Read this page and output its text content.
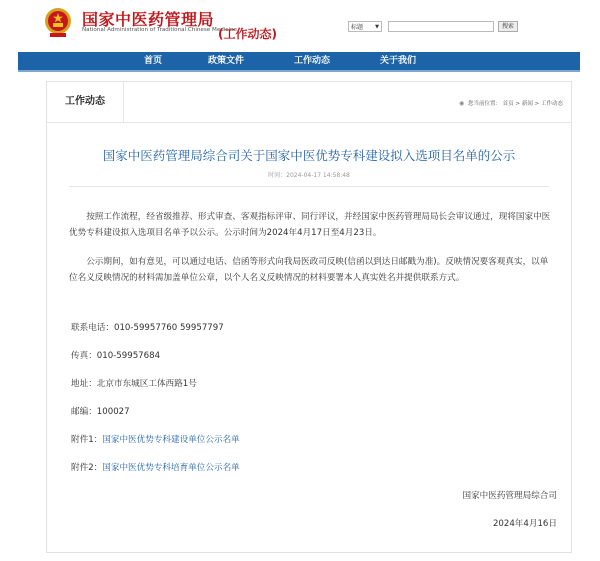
国家中医药管理局
National Administration of Traditional Chinese Medicine
(工作动态)	标题 ▼	搜索
首页	政策文件	工作动态	关于我们
工作动态	◉ 您当前位置： 首页 > 新闻 > 工作动态
国家中医药管理局综合司关于国家中医优势专科建设拟入选项目名单的公示
时间：2024-04-17 14:58:48
按照工作流程，经省级推荐、形式审查、客观指标评审、同行评议，并经国家中医药管理局局长会审议通过，现将国家中医优势专科建设拟入选项目名单予以公示。公示时间为2024年4月17日至4月23日。
公示期间，如有意见，可以通过电话、信函等形式向我局医政司反映(信函以到达日邮戳为准)。反映情况要客观真实，以单位名义反映情况的材料需加盖单位公章，以个人名义反映情况的材料要署本人真实姓名并提供联系方式。
联系电话：010-59957760 59957797
传真：010-59957684
地址：北京市东城区工体西路1号
邮编：100027
附件1：国家中医优势专科建设单位公示名单
附件2：国家中医优势专科培育单位公示名单
国家中医药管理局综合司
2024年4月16日
